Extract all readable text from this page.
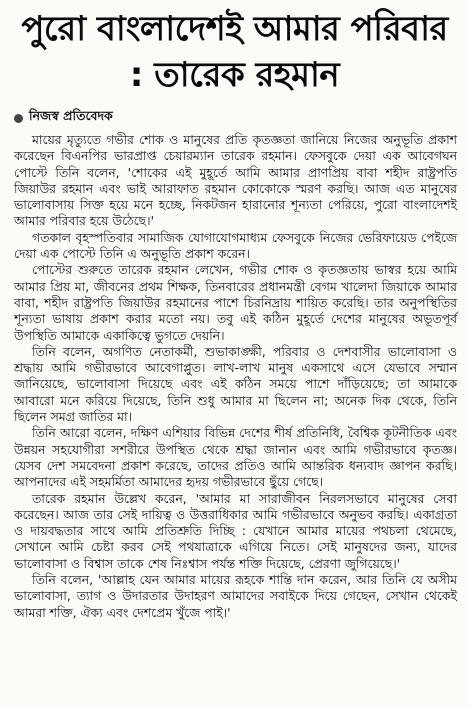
পুরো বাংলাদেশই আমার পরিবার : তারেক রহমান
নিজস্ব প্রতিবেদক

মায়ের মৃত্যুতে গভীর শোক ও মানুষের প্রতি কৃতজ্ঞতা জানিয়ে নিজের অনুভূতি প্রকাশ করেছেন বিএনপির ভারপ্রাপ্ত চেয়ারম্যান তারেক রহমান। ফেসবুকে দেয়া এক আবেগঘন পোস্টে তিনি বলেন, 'শোকের এই মুহূর্তে আমি আমার প্রাণপ্রিয় বাবা শহীদ রাষ্ট্রপতি জিয়াউর রহমান এবং ভাই আরাফাত রহমান কোকোকে স্মরণ করছি। আজ এত মানুষের ভালোবাসায় সিক্ত হয়ে মনে হচ্ছে, নিকটজন হারানোর শূন্যতা পেরিয়ে, পুরো বাংলাদেশই আমার পরিবার হয়ে উঠেছে।'

গতকাল বৃহস্পতিবার সামাজিক যোগাযোগমাধ্যম ফেসবুকে নিজের ভেরিফায়েড পেইজে দেয়া এক পোস্টে তিনি এ অনুভূতি প্রকাশ করেন।

পোস্টের শুরুতে তারেক রহমান লেখেন, গভীর শোক ও কৃতজ্ঞতায় ভাস্বর হয়ে আমি আমার প্রিয় মা, জীবনের প্রথম শিক্ষক, তিনবারের প্রধানমন্ত্রী বেগম খালেদা জিয়াকে আমার বাবা, শহীদ রাষ্ট্রপতি জিয়াউর রহমানের পাশে চিরনিদ্রায় শায়িত করেছি। তার অনুপস্থিতির শূন্যতা ভাষায় প্রকাশ করার মতো নয়। তবু এই কঠিন মুহূর্তে দেশের মানুষের অভূতপূর্ব উপস্থিতি আমাকে একাকিত্বে ভুগতে দেয়নি।

তিনি বলেন, অগণিত নেতাকর্মী, শুভাকাঙ্ক্ষী, পরিবার ও দেশবাসীর ভালোবাসা ও শ্রদ্ধায় আমি গভীরভাবে আবেগাপ্লুত। লাখ-লাখ মানুষ একসাথে এসে যেভাবে সম্মান জানিয়েছে, ভালোবাসা দিয়েছে এবং এই কঠিন সময়ে পাশে দাঁড়িয়েছে; তা আমাকে আবারো মনে করিয়ে দিয়েছে, তিনি শুধু আমার মা ছিলেন না; অনেক দিক থেকে, তিনি ছিলেন সমগ্র জাতির মা।

তিনি আরো বলেন, দক্ষিণ এশিয়ার বিভিন্ন দেশের শীর্ষ প্রতিনিধি, বৈশ্বিক কূটনীতিক এবং উন্নয়ন সহযোগীরা সশরীরে উপস্থিত থেকে শ্রদ্ধা জানান এবং আমি গভীরভাবে কৃতজ্ঞ। যেসব দেশ সমবেদনা প্রকাশ করেছে, তাদের প্রতিও আমি আন্তরিক ধন্যবাদ জ্ঞাপন করছি। আপনাদের এই সহমর্মিতা আমাদের হৃদয় গভীরভাবে ছুঁয়ে গেছে।

তারেক রহমান উল্লেখ করেন, 'আমার মা সারাজীবন নিরলসভাবে মানুষের সেবা করেছেন। আজ তার সেই দায়িত্ব ও উত্তরাধিকার আমি গভীরভাবে অনুভব করছি। একাগ্রতা ও দায়বদ্ধতার সাথে আমি প্রতিশ্রুতি দিচ্ছি : যেখানে আমার মায়ের পথচলা থেমেছে, সেখানে আমি চেষ্টা করব সেই পথযাত্রাকে এগিয়ে নিতে। সেই মানুষদের জন্য, যাদের ভালোবাসা ও বিশ্বাস তাকে শেষ নিঃশ্বাস পর্যন্ত শক্তি দিয়েছে, প্রেরণা জুগিয়েছে।'

তিনি বলেন, 'আল্লাহ যেন আমার মায়ের রূহকে শান্তি দান করেন, আর তিনি যে অসীম ভালোবাসা, ত্যাগ ও উদারতার উদাহরণ আমাদের সবাইকে দিয়ে গেছেন, সেখান থেকেই আমরা শক্তি, ঐক্য এবং দেশপ্রেম খুঁজে পাই।'
